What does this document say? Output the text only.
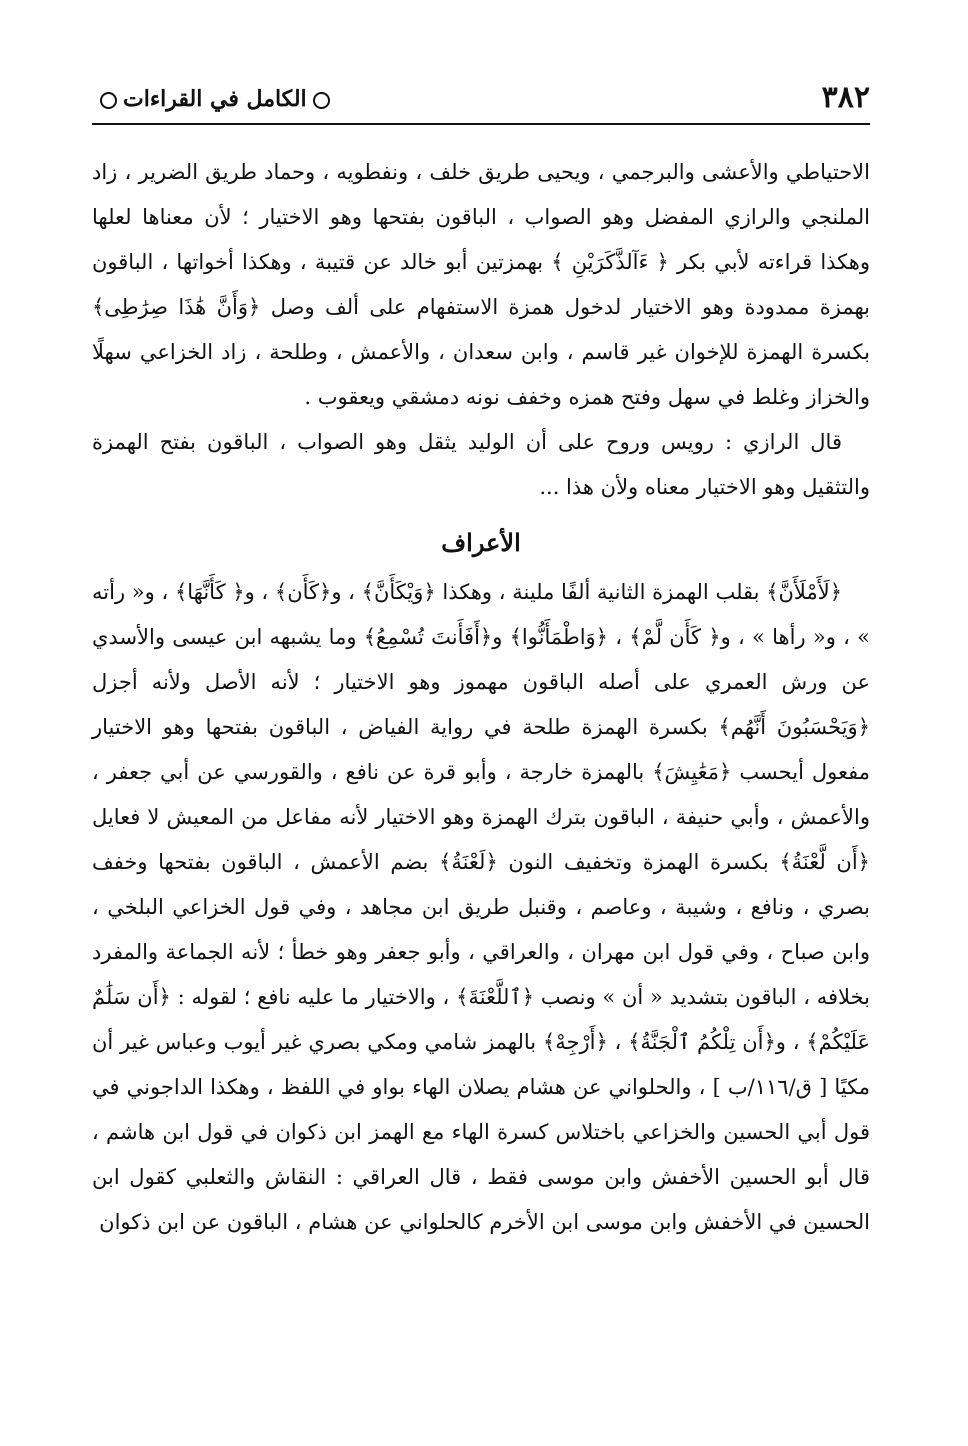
٣٨٢
الكامل في القراءات

الاحتياطي والأعشى والبرجمي ، ويحيى طريق خلف ، ونفطويه ، وحماد طريق الضرير ، زاد الملنجي والرازي المفضل وهو الصواب ، الباقون بفتحها وهو الاختيار ؛ لأن معناها لعلها وهكذا قراءته لأبي بكر ﴿ ءَآلذَّكَرَيْنِ ﴾ بهمزتين أبو خالد عن قتيبة ، وهكذا أخواتها ، الباقون بهمزة ممدودة وهو الاختيار لدخول همزة الاستفهام على ألف وصل ﴿وَأَنَّ هَٰذَا صِرَٰطِى﴾ بكسرة الهمزة للإخوان غير قاسم ، وابن سعدان ، والأعمش ، وطلحة ، زاد الخزاعي سهلًا والخزاز وغلط في سهل وفتح همزه وخفف نونه دمشقي ويعقوب .

قال الرازي : رويس وروح على أن الوليد يثقل وهو الصواب ، الباقون بفتح الهمزة والتثقيل وهو الاختيار معناه ولأن هذا ...

الأعراف

﴿لَأَمْلَأَنَّ﴾ بقلب الهمزة الثانية ألفًا ملينة ، وهكذا ﴿وَيْكَأَنَّ﴾ ، و﴿كَأَن﴾ ، و﴿ كَأَنَّهَا﴾ ، و« رأته » ، و« رأها » ، و﴿ كَأَن لَّمْ﴾ ، ﴿وَاطْمَأَنُّوا﴾ و﴿أَفَأَنتَ تُسْمِعُ﴾ وما يشبهه ابن عيسى والأسدي عن ورش العمري على أصله الباقون مهموز وهو الاختيار ؛ لأنه الأصل ولأنه أجزل ﴿وَيَحْسَبُونَ أَنَّهُم﴾ بكسرة الهمزة طلحة في رواية الفياض ، الباقون بفتحها وهو الاختيار مفعول أيحسب ﴿مَعَٰيِشَ﴾ بالهمزة خارجة ، وأبو قرة عن نافع ، والقورسي عن أبي جعفر ، والأعمش ، وأبي حنيفة ، الباقون بترك الهمزة وهو الاختيار لأنه مفاعل من المعيش لا فعايل ﴿أَن لَّعْنَةُ﴾ بكسرة الهمزة وتخفيف النون ﴿لَعْنَةُ﴾ بضم الأعمش ، الباقون بفتحها وخفف بصري ، ونافع ، وشيبة ، وعاصم ، وقنبل طريق ابن مجاهد ، وفي قول الخزاعي البلخي ، وابن صباح ، وفي قول ابن مهران ، والعراقي ، وأبو جعفر وهو خطأ ؛ لأنه الجماعة والمفرد بخلافه ، الباقون بتشديد « أن » ونصب ﴿ٱللَّعْنَةَ﴾ ، والاختيار ما عليه نافع ؛ لقوله : ﴿أَن سَلَٰمٌ عَلَيْكُمْ﴾ ، و﴿أَن تِلْكُمُ ٱلْجَنَّةُ﴾ ، ﴿أَرْجِهْ﴾ بالهمز شامي ومكي بصري غير أيوب وعباس غير أن مكيًا [ ق/١١٦/ب ] ، والحلواني عن هشام يصلان الهاء بواو في اللفظ ، وهكذا الداجوني في قول أبي الحسين والخزاعي باختلاس كسرة الهاء مع الهمز ابن ذكوان في قول ابن هاشم ، قال أبو الحسين الأخفش وابن موسى فقط ، قال العراقي : النقاش والثعلبي كقول ابن الحسين في الأخفش وابن موسى ابن الأخرم كالحلواني عن هشام ، الباقون عن ابن ذكوان
